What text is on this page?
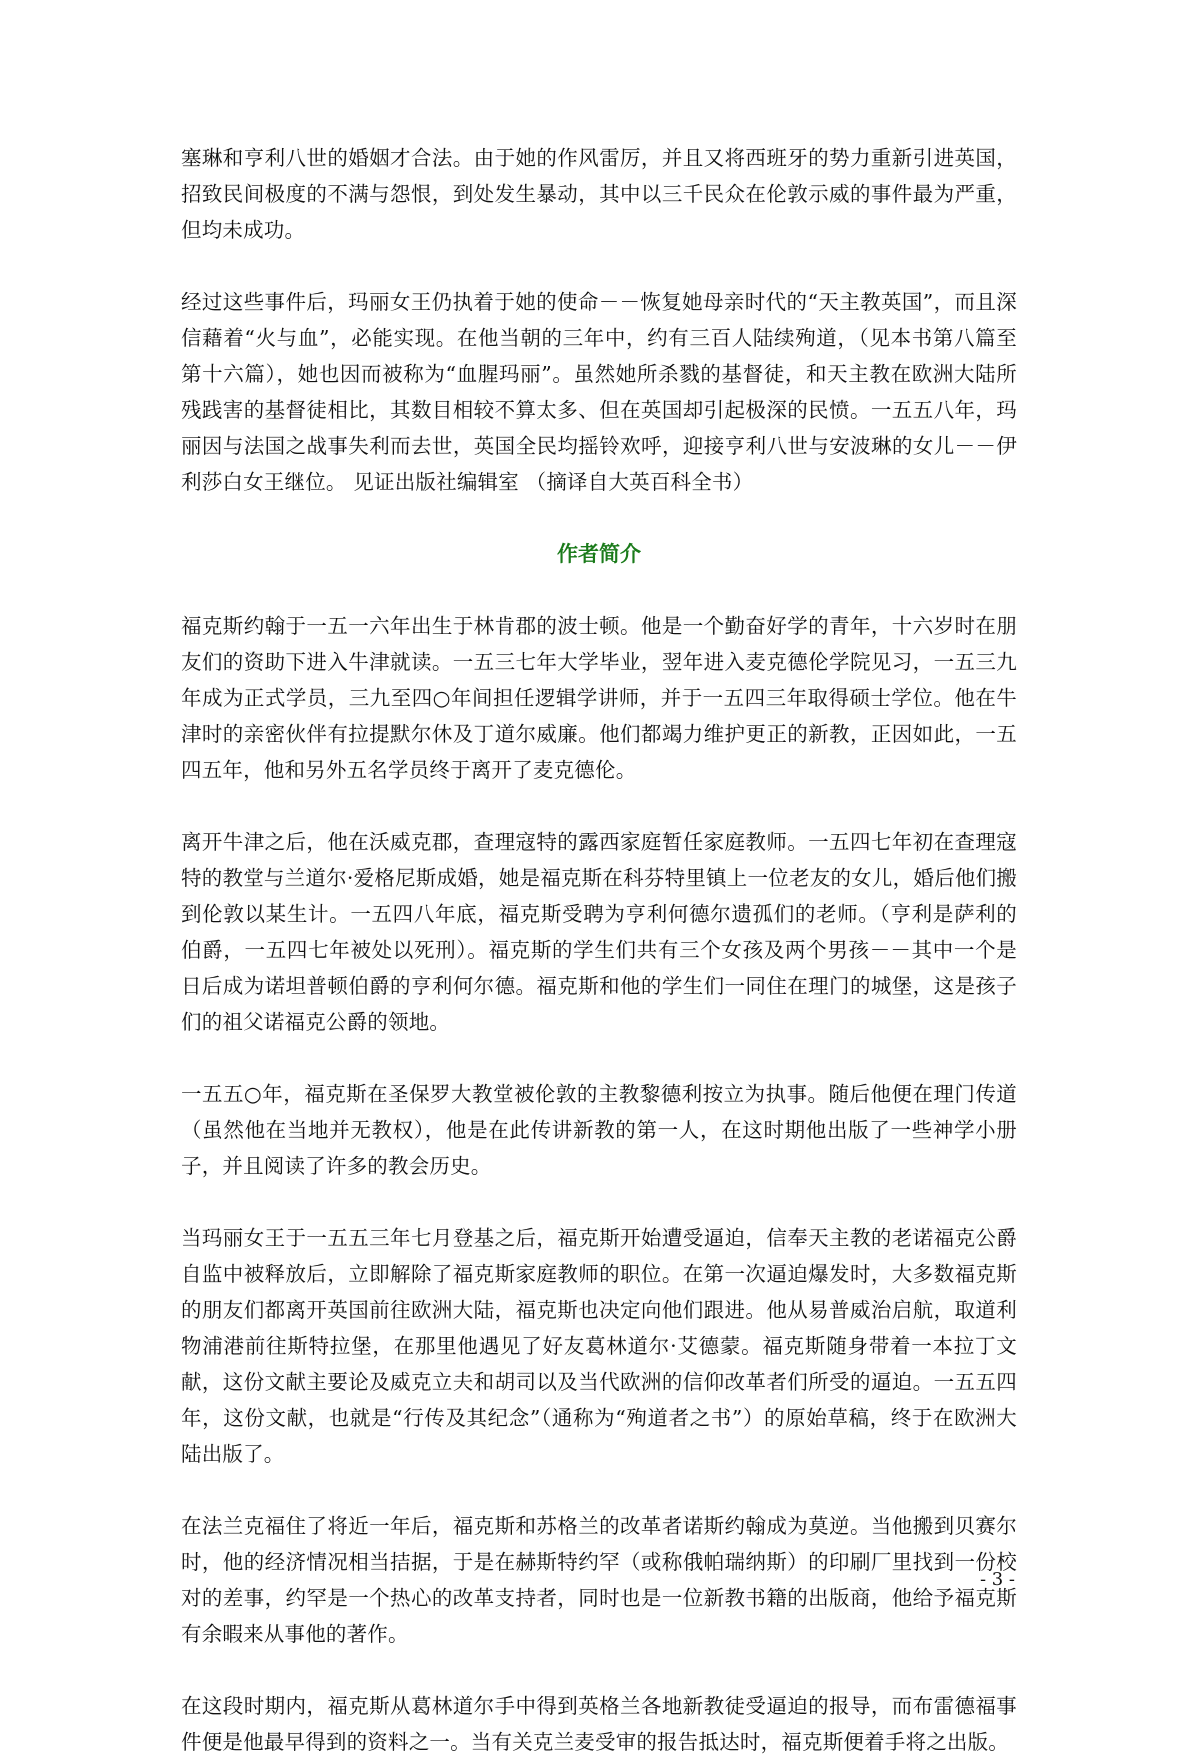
塞琳和亨利八世的婚姻才合法。由于她的作风雷厉，并且又将西班牙的势力重新引进英国，招致民间极度的不满与怨恨，到处发生暴动，其中以三千民众在伦敦示威的事件最为严重，但均未成功。

经过这些事件后，玛丽女王仍执着于她的使命－－恢复她母亲时代的“天主教英国”，而且深信藉着“火与血”，必能实现。在他当朝的三年中，约有三百人陆续殉道，（见本书第八篇至第十六篇），她也因而被称为“血腥玛丽”。虽然她所杀戮的基督徒，和天主教在欧洲大陆所残践害的基督徒相比，其数目相较不算太多、但在英国却引起极深的民愤。一五五八年，玛丽因与法国之战事失利而去世，英国全民均摇铃欢呼，迎接亨利八世与安波琳的女儿－－伊利莎白女王继位。 见证出版社编辑室 （摘译自大英百科全书）

作者简介

福克斯约翰于一五一六年出生于林肯郡的波士顿。他是一个勤奋好学的青年，十六岁时在朋友们的资助下进入牛津就读。一五三七年大学毕业，翌年进入麦克德伦学院见习，一五三九年成为正式学员，三九至四○年间担任逻辑学讲师，并于一五四三年取得硕士学位。他在牛津时的亲密伙伴有拉提默尔休及丁道尔威廉。他们都竭力维护更正的新教，正因如此，一五四五年，他和另外五名学员终于离开了麦克德伦。

离开牛津之后，他在沃威克郡，查理寇特的露西家庭暂任家庭教师。一五四七年初在查理寇特的教堂与兰道尔·爱格尼斯成婚，她是福克斯在科芬特里镇上一位老友的女儿，婚后他们搬到伦敦以某生计。一五四八年底，福克斯受聘为亨利何德尔遗孤们的老师。（亨利是萨利的伯爵，一五四七年被处以死刑）。福克斯的学生们共有三个女孩及两个男孩－－其中一个是日后成为诺坦普顿伯爵的亨利何尔德。福克斯和他的学生们一同住在理门的城堡，这是孩子们的祖父诺福克公爵的领地。

一五五○年，福克斯在圣保罗大教堂被伦敦的主教黎德利按立为执事。随后他便在理门传道（虽然他在当地并无教权），他是在此传讲新教的第一人，在这时期他出版了一些神学小册子，并且阅读了许多的教会历史。

当玛丽女王于一五五三年七月登基之后，福克斯开始遭受逼迫，信奉天主教的老诺福克公爵自监中被释放后，立即解除了福克斯家庭教师的职位。在第一次逼迫爆发时，大多数福克斯的朋友们都离开英国前往欧洲大陆，福克斯也决定向他们跟进。他从易普威治启航，取道利物浦港前往斯特拉堡，在那里他遇见了好友葛林道尔·艾德蒙。福克斯随身带着一本拉丁文献，这份文献主要论及威克立夫和胡司以及当代欧洲的信仰改革者们所受的逼迫。一五五四年，这份文献，也就是“行传及其纪念”（通称为“殉道者之书”）的原始草稿，终于在欧洲大陆出版了。

在法兰克福住了将近一年后，福克斯和苏格兰的改革者诺斯约翰成为莫逆。当他搬到贝赛尔时，他的经济情况相当拮据，于是在赫斯特约罕（或称俄帕瑞纳斯）的印刷厂里找到一份校对的差事，约罕是一个热心的改革支持者，同时也是一位新教书籍的出版商，他给予福克斯有余暇来从事他的著作。

在这段时期内，福克斯从葛林道尔手中得到英格兰各地新教徒受逼迫的报导，而布雷德福事件便是他最早得到的资料之一。当有关克兰麦受审的报告抵达时，福克斯便着手将之出版。

- 3 -
